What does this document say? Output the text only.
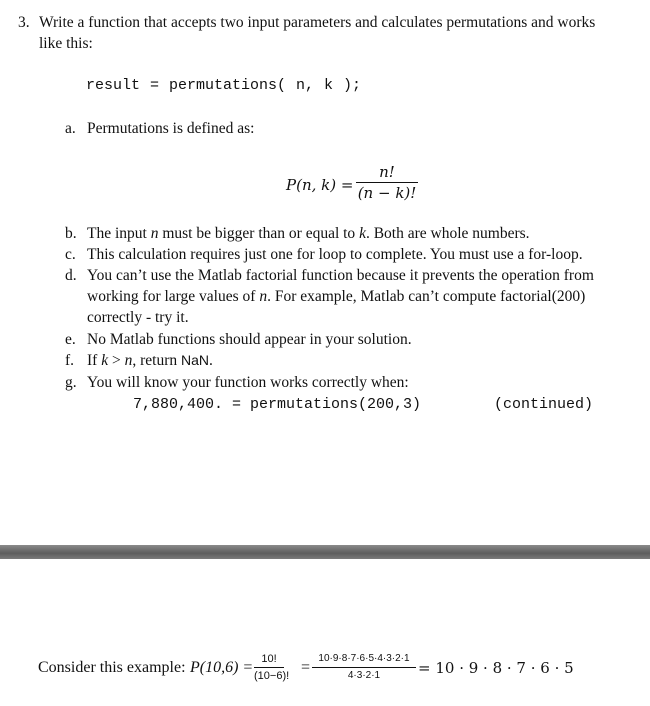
3. Write a function that accepts two input parameters and calculates permutations and works
like this:
result = permutations( n, k );
a. Permutations is defined as:
P(n, k) =
n!
(n − k)!
b. The input n must be bigger than or equal to k. Both are whole numbers.
c. This calculation requires just one for loop to complete. You must use a for-loop.
d. You can’t use the Matlab factorial function because it prevents the operation from
working for large values of n. For example, Matlab can’t compute factorial(200)
correctly - try it.
e. No Matlab functions should appear in your solution.
f. If k > n, return NaN.
g. You will know your function works correctly when:
7,880,400. = permutations(200,3)	(continued)
Consider this example: P(10,6) = 10!
(10−6)! =
10·9·8·7·6·5·4·3·2·1
4·3·2·1	= 10 · 9 · 8 · 7 · 6 · 5
